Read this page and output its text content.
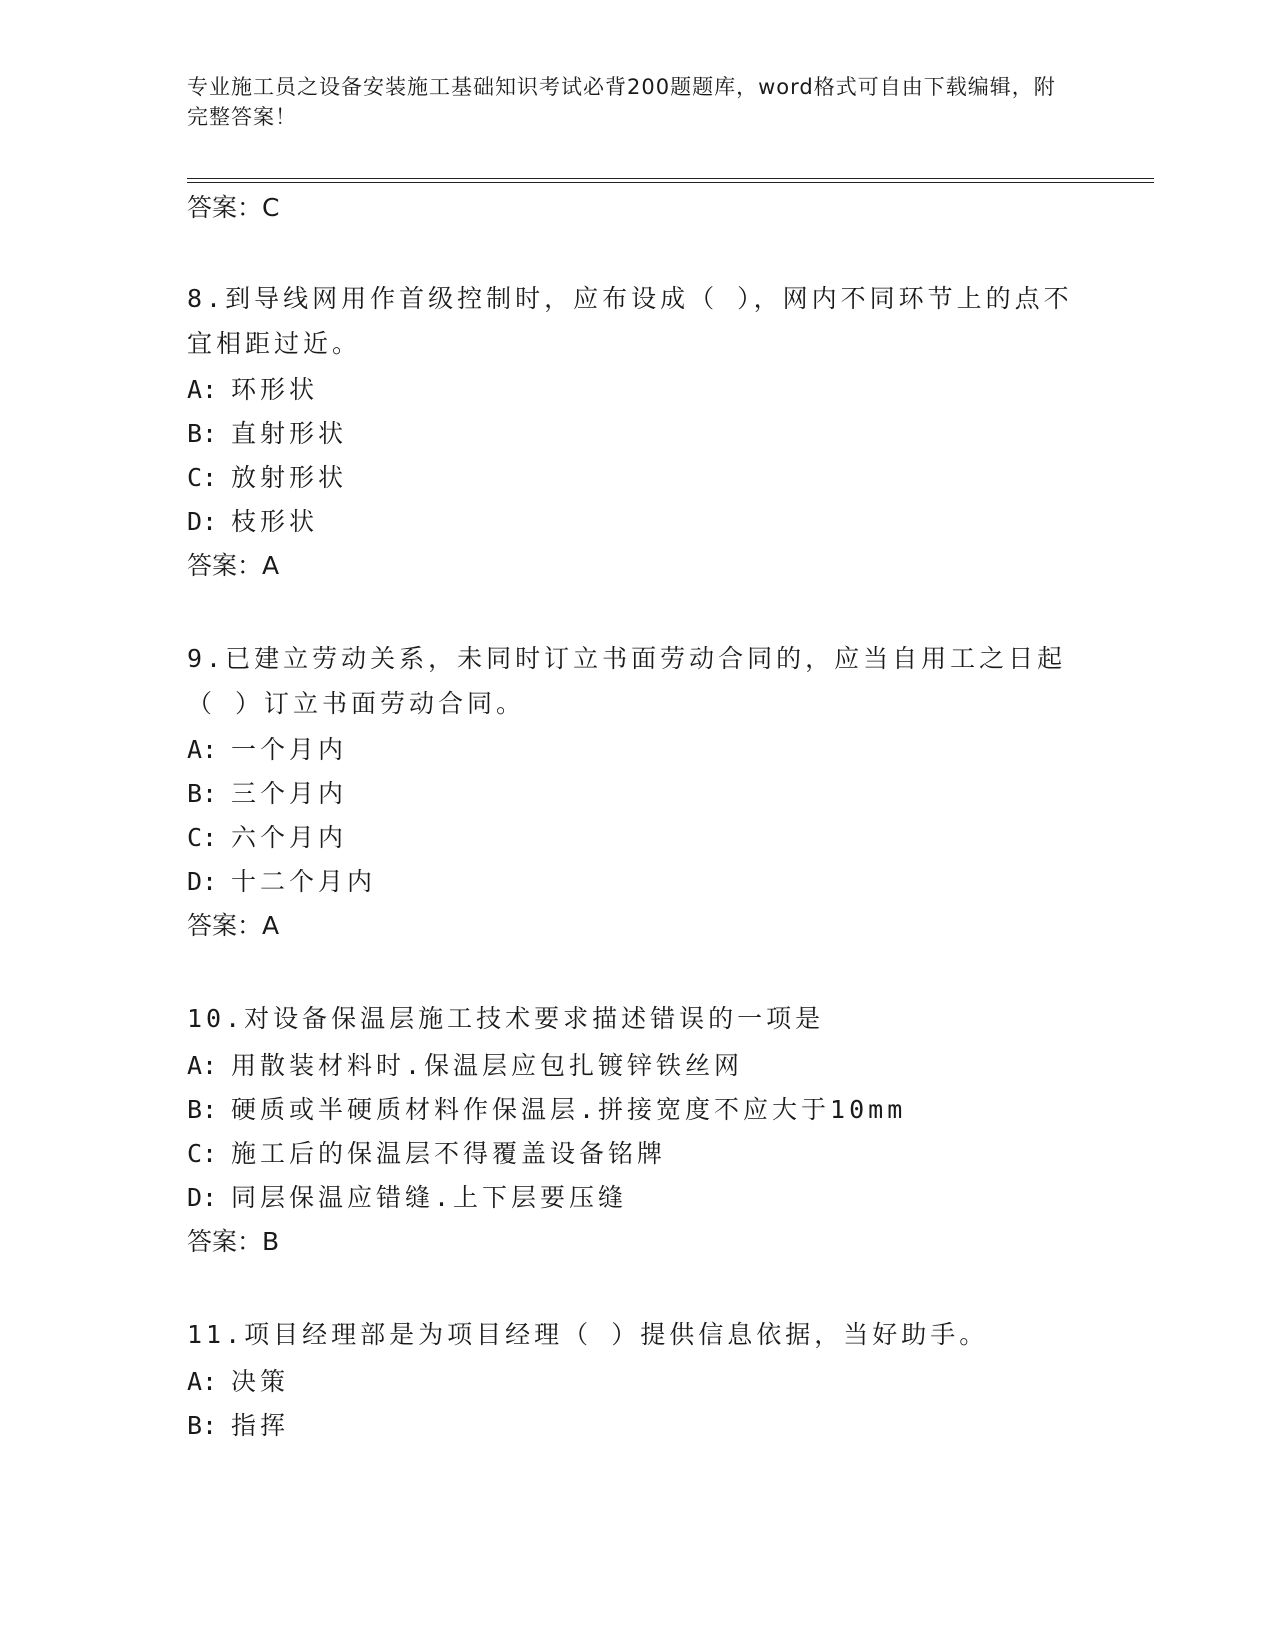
专业施工员之设备安装施工基础知识考试必背200题题库，word格式可自由下载编辑，附完整答案！
答案：C
8.到导线网用作首级控制时，应布设成（ ），网内不同环节上的点不宜相距过近。
A: 环形状
B: 直射形状
C: 放射形状
D: 枝形状
答案：A
9.已建立劳动关系，未同时订立书面劳动合同的，应当自用工之日起（ ）订立书面劳动合同。
A: 一个月内
B: 三个月内
C: 六个月内
D: 十二个月内
答案：A
10.对设备保温层施工技术要求描述错误的一项是
A: 用散装材料时.保温层应包扎镀锌铁丝网
B: 硬质或半硬质材料作保温层.拼接宽度不应大于10mm
C: 施工后的保温层不得覆盖设备铭牌
D: 同层保温应错缝.上下层要压缝
答案：B
11.项目经理部是为项目经理（ ）提供信息依据，当好助手。
A: 决策
B: 指挥
